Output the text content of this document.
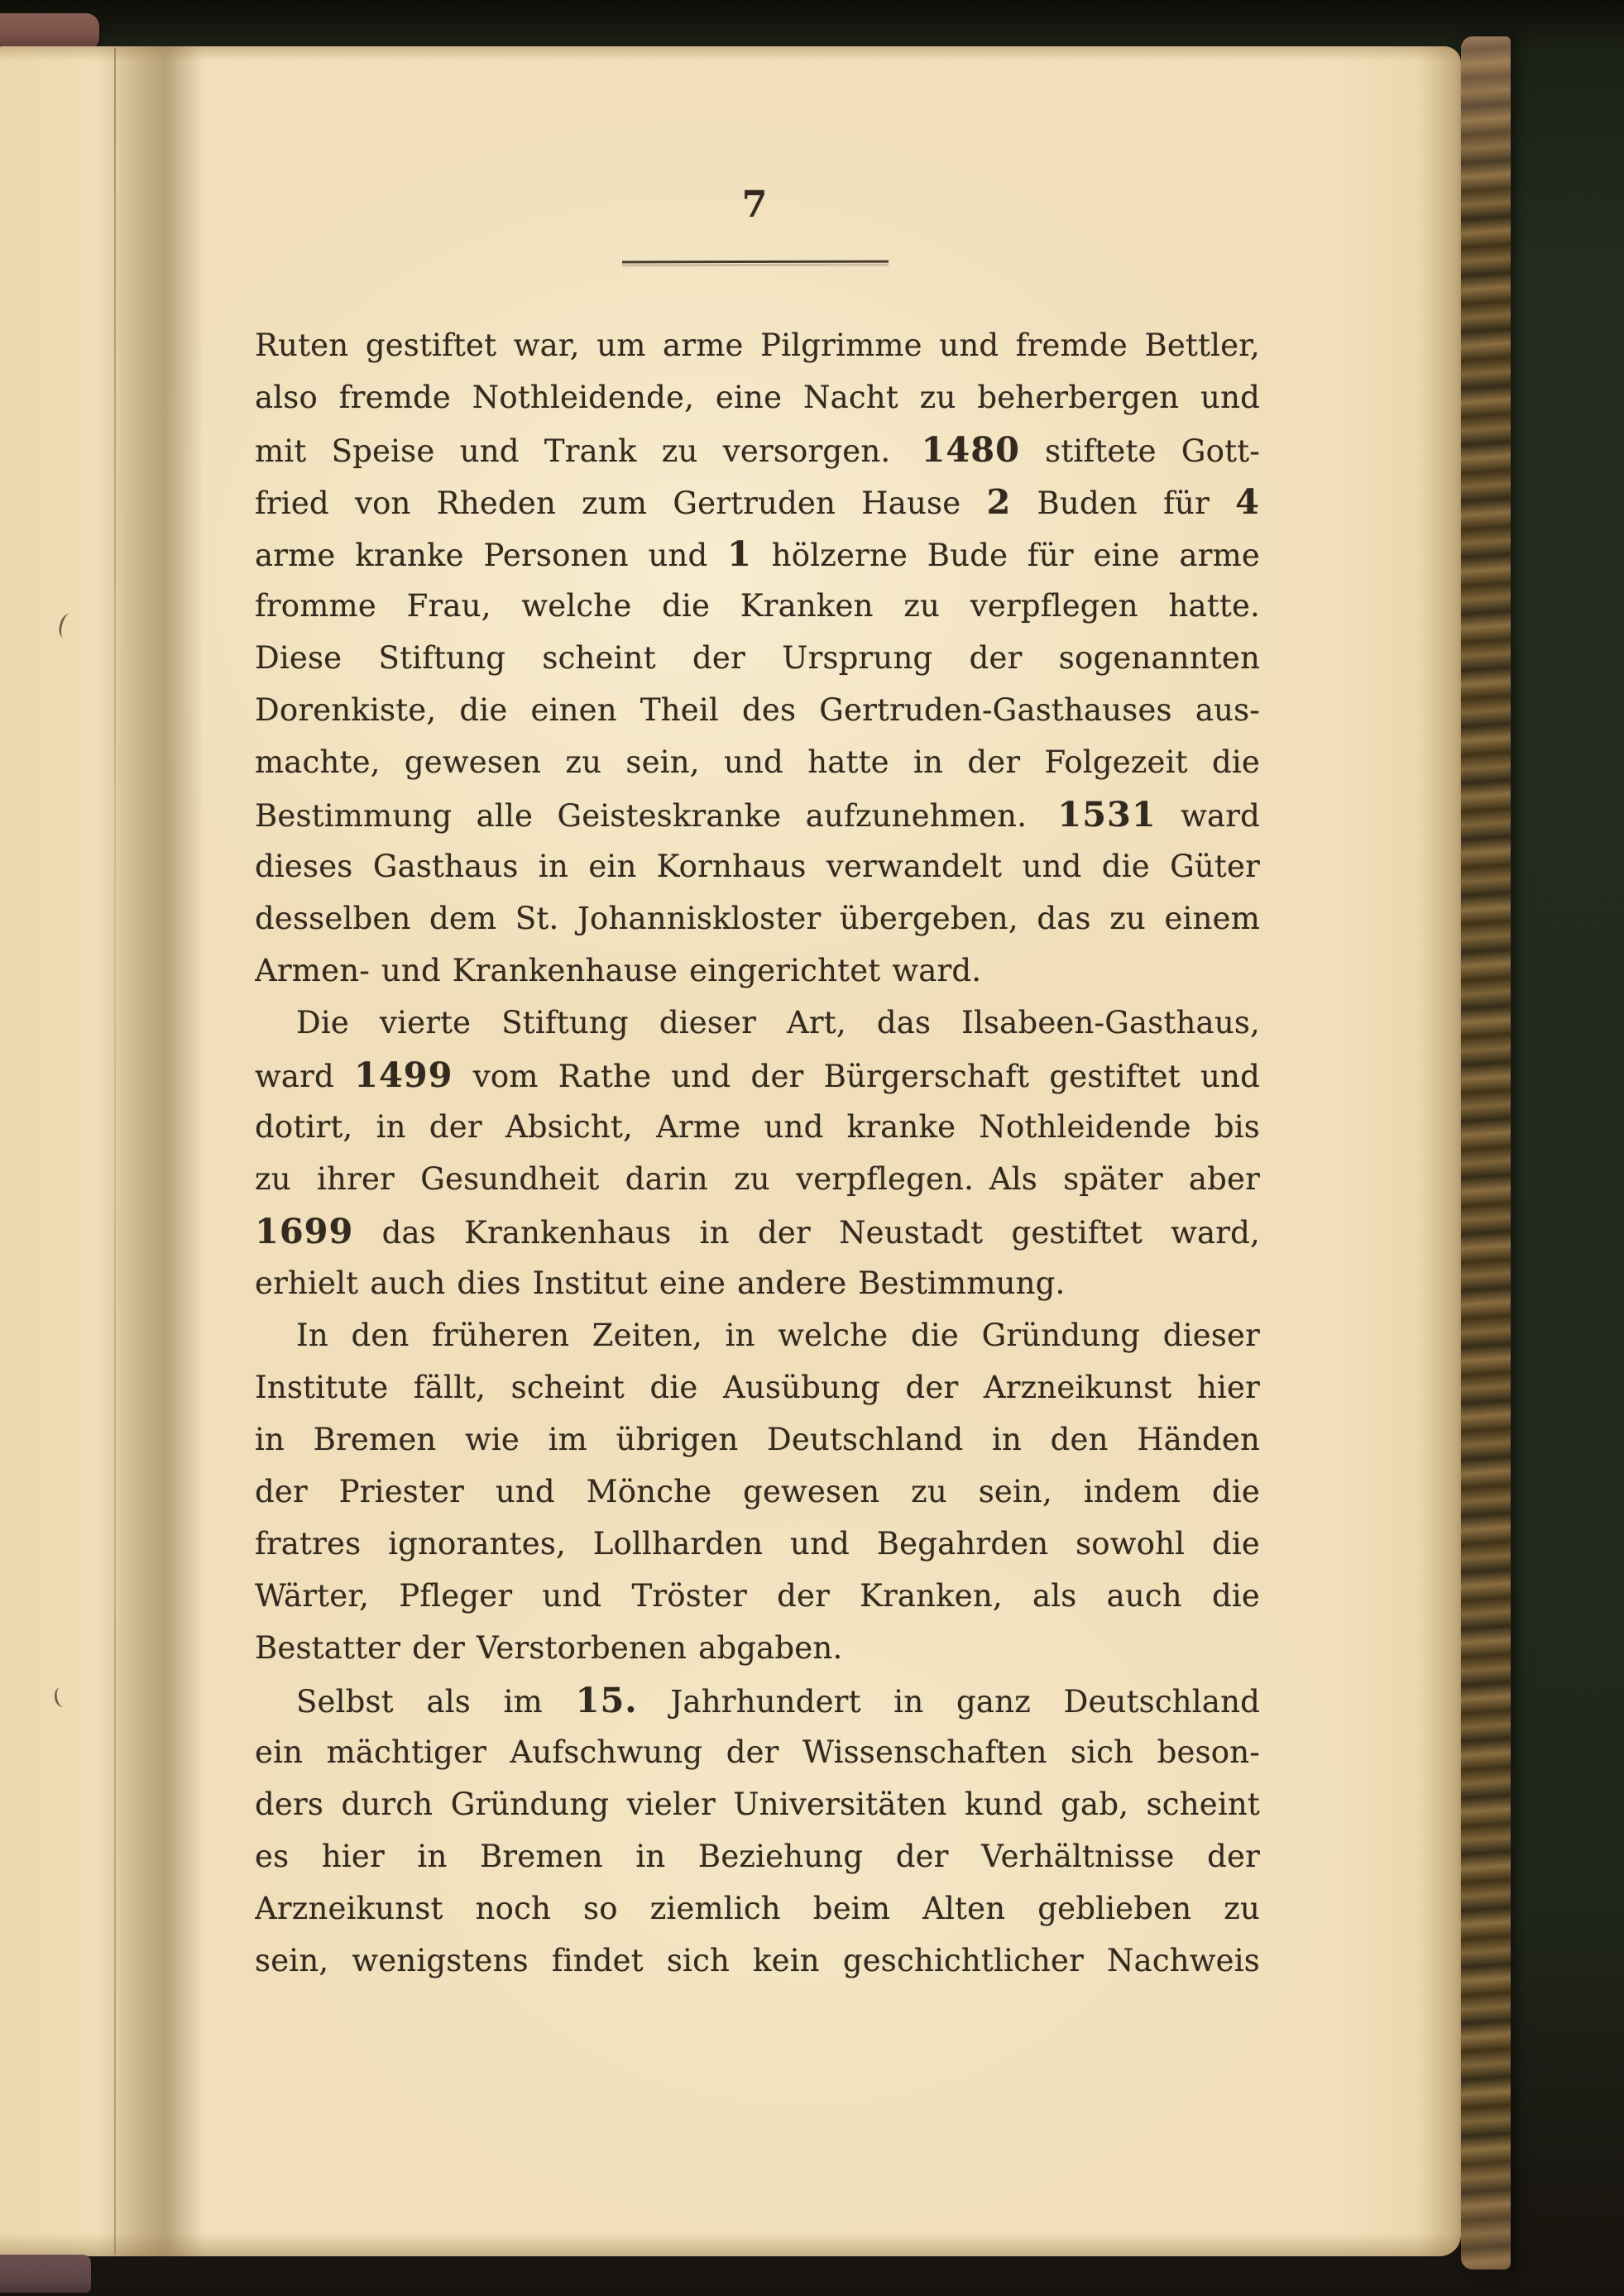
7
Ruten gestiftet war, um arme Pilgrimme und fremde Bettler,
also fremde Nothleidende, eine Nacht zu beherbergen und
mit Speise und Trank zu versorgen. 1480 stiftete Gott-
fried von Rheden zum Gertruden Hause 2 Buden für 4
arme kranke Personen und 1 hölzerne Bude für eine arme
fromme Frau, welche die Kranken zu verpflegen hatte.
Diese Stiftung scheint der Ursprung der sogenannten
Dorenkiste, die einen Theil des Gertruden-Gasthauses aus-
machte, gewesen zu sein, und hatte in der Folgezeit die
Bestimmung alle Geisteskranke aufzunehmen. 1531 ward
dieses Gasthaus in ein Kornhaus verwandelt und die Güter
desselben dem St. Johanniskloster übergeben, das zu einem
Armen- und Krankenhause eingerichtet ward.
Die vierte Stiftung dieser Art, das Ilsabeen-Gasthaus,
ward 1499 vom Rathe und der Bürgerschaft gestiftet und
dotirt, in der Absicht, Arme und kranke Nothleidende bis
zu ihrer Gesundheit darin zu verpflegen. Als später aber
1699 das Krankenhaus in der Neustadt gestiftet ward,
erhielt auch dies Institut eine andere Bestimmung.
In den früheren Zeiten, in welche die Gründung dieser
Institute fällt, scheint die Ausübung der Arzneikunst hier
in Bremen wie im übrigen Deutschland in den Händen
der Priester und Mönche gewesen zu sein, indem die
fratres ignorantes, Lollharden und Begahrden sowohl die
Wärter, Pfleger und Tröster der Kranken, als auch die
Bestatter der Verstorbenen abgaben.
Selbst als im 15. Jahrhundert in ganz Deutschland
ein mächtiger Aufschwung der Wissenschaften sich beson-
ders durch Gründung vieler Universitäten kund gab, scheint
es hier in Bremen in Beziehung der Verhältnisse der
Arzneikunst noch so ziemlich beim Alten geblieben zu
sein, wenigstens findet sich kein geschichtlicher Nachweis
